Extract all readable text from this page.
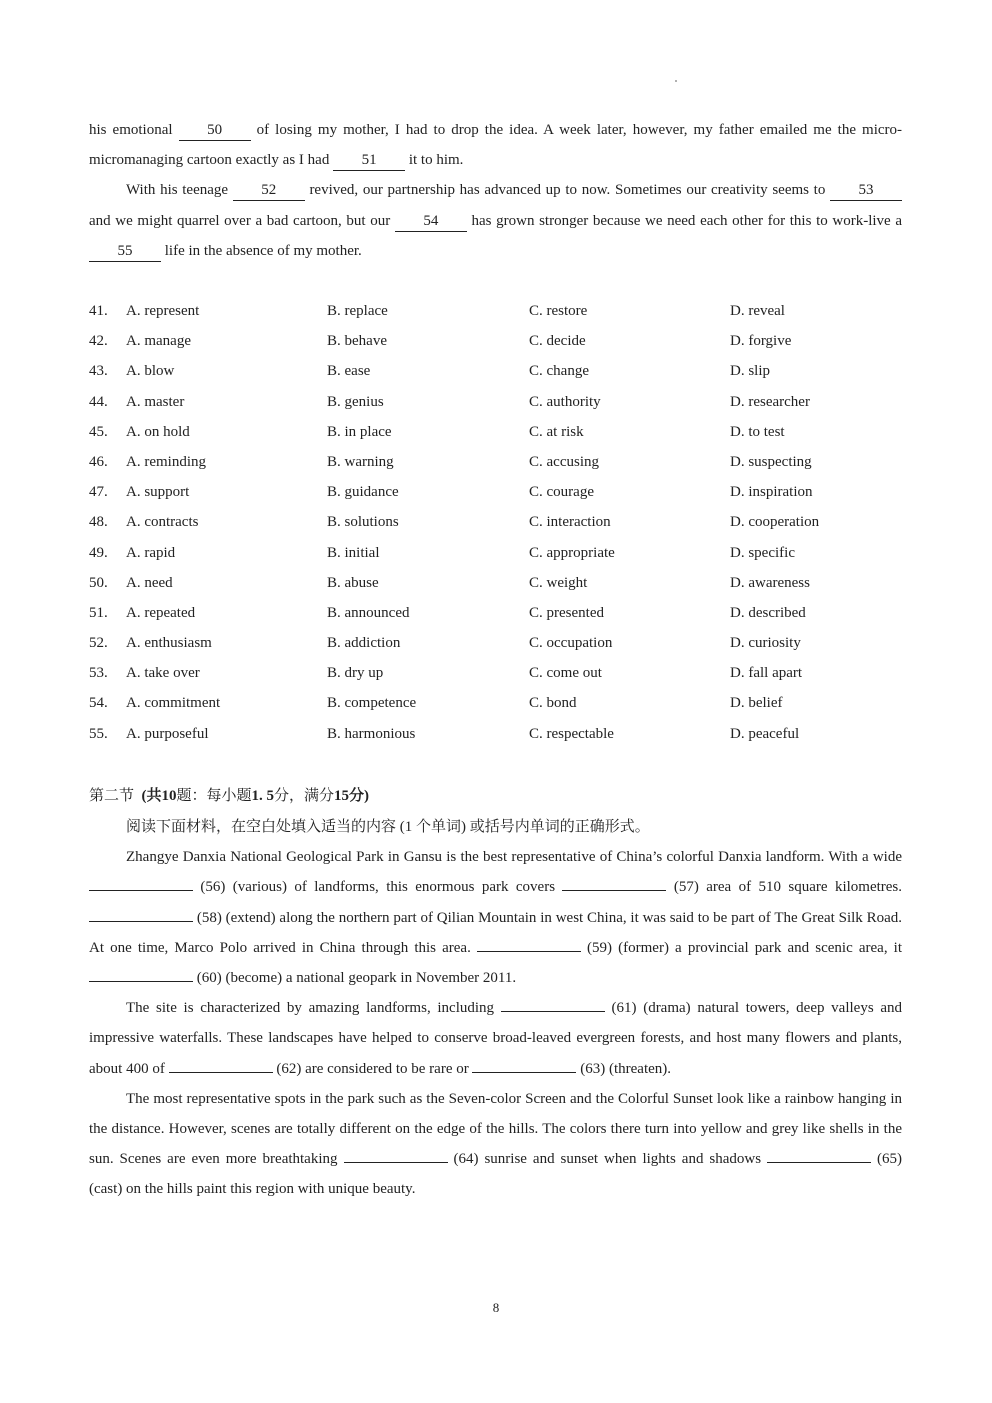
his emotional 50 of losing my mother, I had to drop the idea. A week later, however, my father emailed me the micro-micromanaging cartoon exactly as I had 51 it to him.

With his teenage 52 revived, our partnership has advanced up to now. Sometimes our creativity seems to 53 and we might quarrel over a bad cartoon, but our 54 has grown stronger because we need each other for this to work-live a 55 life in the absence of my mother.

41. A. represent	B. replace	C. restore	D. reveal
42. A. manage	B. behave	C. decide	D. forgive
43. A. blow	B. ease	C. change	D. slip
44. A. master	B. genius	C. authority	D. researcher
45. A. on hold	B. in place	C. at risk	D. to test
46. A. reminding	B. warning	C. accusing	D. suspecting
47. A. support	B. guidance	C. courage	D. inspiration
48. A. contracts	B. solutions	C. interaction	D. cooperation
49. A. rapid	B. initial	C. appropriate	D. specific
50. A. need	B. abuse	C. weight	D. awareness
51. A. repeated	B. announced	C. presented	D. described
52. A. enthusiasm	B. addiction	C. occupation	D. curiosity
53. A. take over	B. dry up	C. come out	D. fall apart
54. A. commitment	B. competence	C. bond	D. belief
55. A. purposeful	B. harmonious	C. respectable	D. peaceful
第二节 (共10题：每小题1. 5分，满分15分)

阅读下面材料，在空白处填入适当的内容 (1 个单词) 或括号内单词的正确形式。

Zhangye Danxia National Geological Park in Gansu is the best representative of China’s colorful Danxia landform. With a wide  (56) (various) of landforms, this enormous park covers	(57) area of 510 square kilometres.  (58) (extend) along the northern part of Qilian Mountain in west China, it was said to be part of The Great Silk Road. At one time, Marco Polo arrived in China through this area.	(59) (former) a provincial park and scenic area, it  (60) (become) a national geopark in November 2011.

The site is characterized by amazing landforms, including	(61) (drama) natural towers, deep valleys and impressive waterfalls. These landscapes have helped to conserve broad-leaved evergreen forests, and host many flowers and plants, about 400 of	(62) are considered to be rare or	(63) (threaten).

The most representative spots in the park such as the Seven-color Screen and the Colorful Sunset look like a rainbow hanging in the distance. However, scenes are totally different on the edge of the hills. The colors there turn into yellow and grey like shells in the sun. Scenes are even more breathtaking	(64) sunrise and sunset when lights and shadows	(65) (cast) on the hills paint this region with unique beauty.

8
